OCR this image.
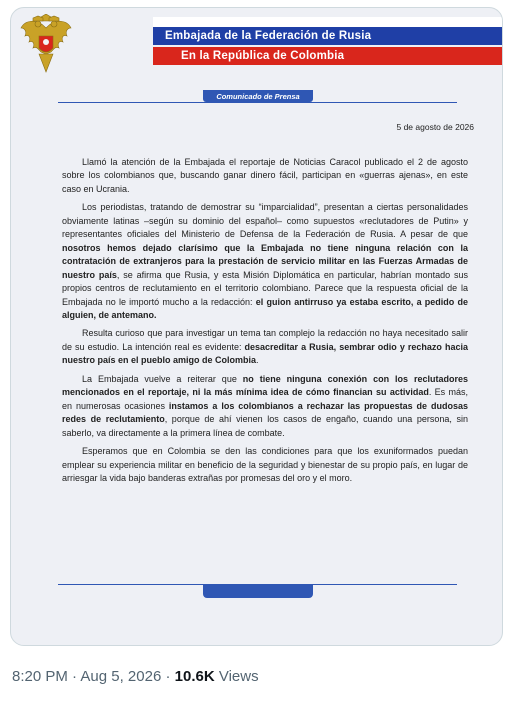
Embajada de la Federación de Rusia
En la República de Colombia
Comunicado de Prensa
5 de agosto de 2026

Llamó la atención de la Embajada el reportaje de Noticias Caracol publicado el 2 de agosto sobre los colombianos que, buscando ganar dinero fácil, participan en «guerras ajenas», en este caso en Ucrania.

Los periodistas, tratando de demostrar su “imparcialidad”, presentan a ciertas personalidades obviamente latinas –según su dominio del español– como supuestos «reclutadores de Putin» y representantes oficiales del Ministerio de Defensa de la Federación de Rusia. A pesar de que nosotros hemos dejado clarísimo que la Embajada no tiene ninguna relación con la contratación de extranjeros para la prestación de servicio militar en las Fuerzas Armadas de nuestro país, se afirma que Rusia, y esta Misión Diplomática en particular, habrían montado sus propios centros de reclutamiento en el territorio colombiano. Parece que la respuesta oficial de la Embajada no le importó mucho a la redacción: el guion antirruso ya estaba escrito, a pedido de alguien, de antemano.

Resulta curioso que para investigar un tema tan complejo la redacción no haya necesitado salir de su estudio. La intención real es evidente: desacreditar a Rusia, sembrar odio y rechazo hacia nuestro país en el pueblo amigo de Colombia.

La Embajada vuelve a reiterar que no tiene ninguna conexión con los reclutadores mencionados en el reportaje, ni la más mínima idea de cómo financian su actividad. Es más, en numerosas ocasiones instamos a los colombianos a rechazar las propuestas de dudosas redes de reclutamiento, porque de ahí vienen los casos de engaño, cuando una persona, sin saberlo, va directamente a la primera línea de combate.

Esperamos que en Colombia se den las condiciones para que los exuniformados puedan emplear su experiencia militar en beneficio de la seguridad y bienestar de su propio país, en lugar de arriesgar la vida bajo banderas extrañas por promesas del oro y el moro.

8:20 PM · Aug 5, 2026 · 10.6K Views
